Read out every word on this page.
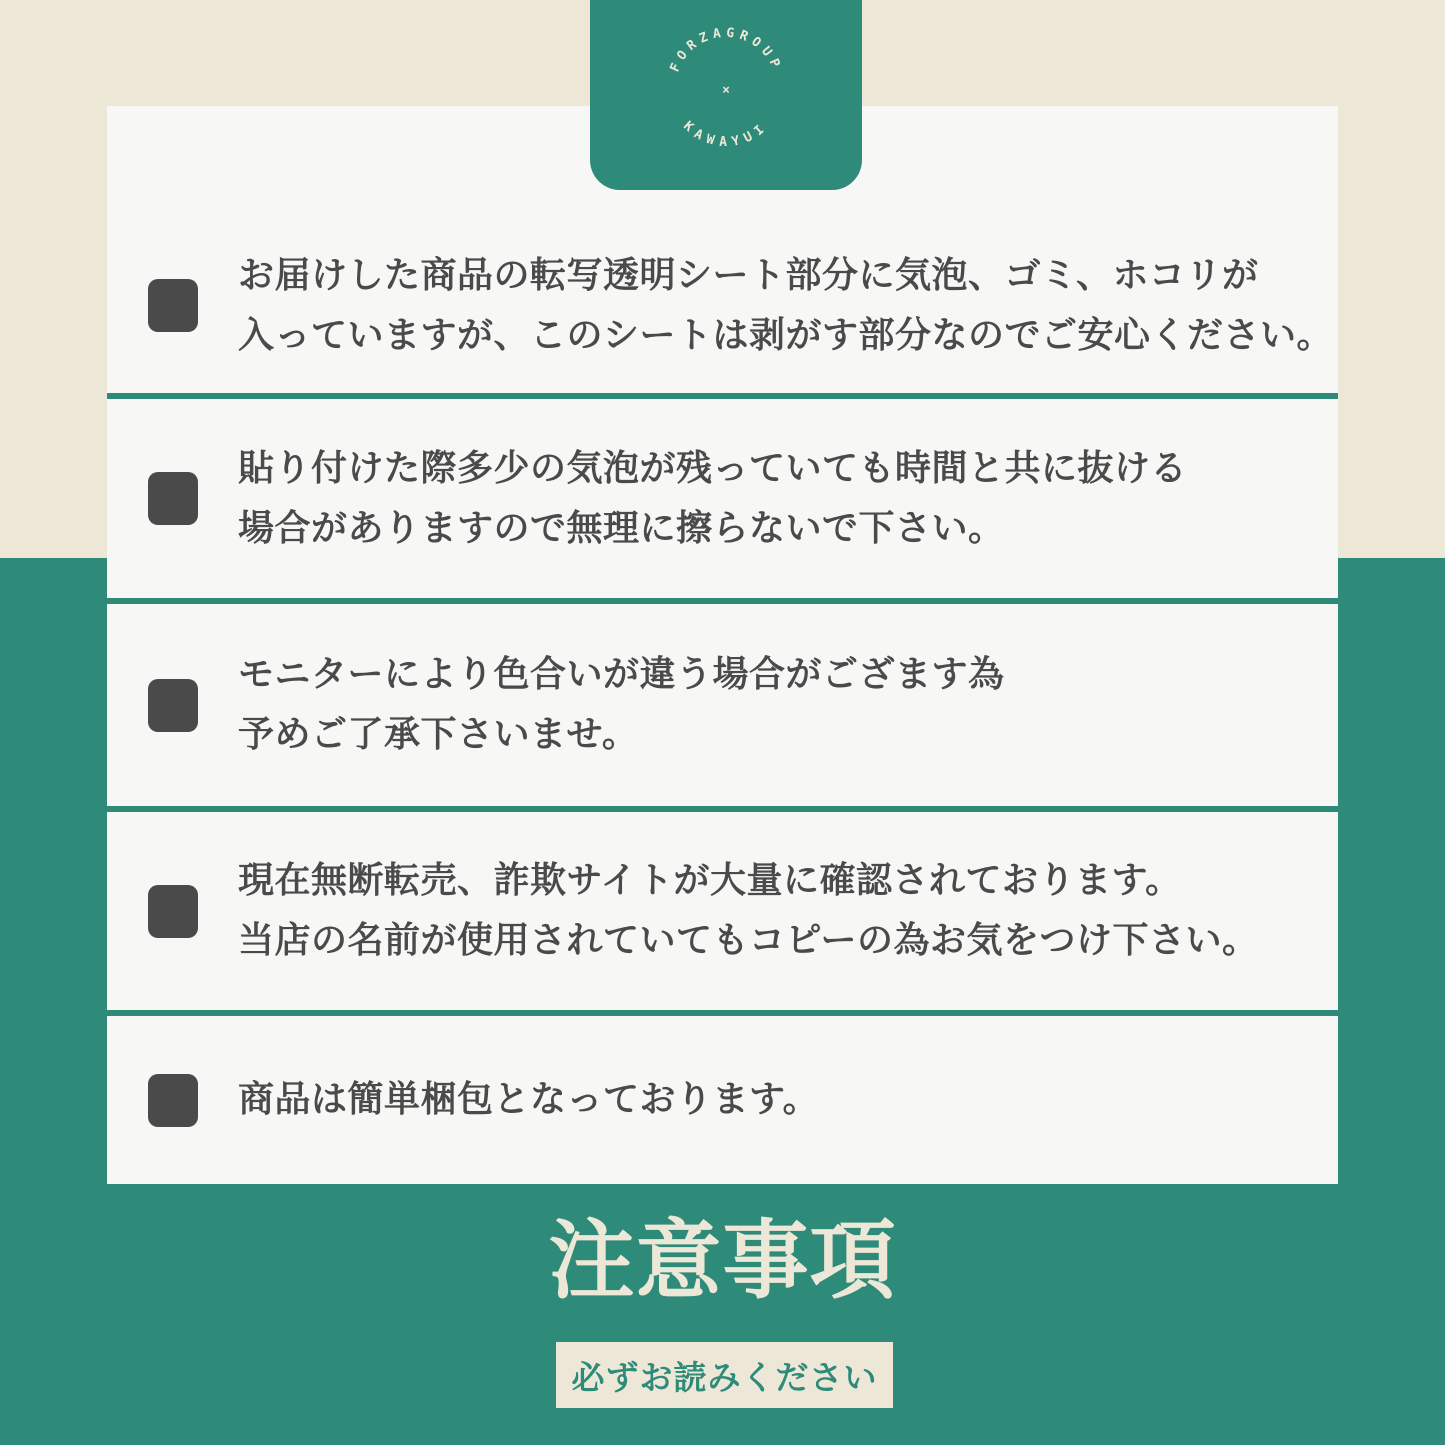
お届けした商品の転写透明シート部分に気泡、ゴミ、ホコリが
入っていますが、このシートは剥がす部分なのでご安心ください。
貼り付けた際多少の気泡が残っていても時間と共に抜ける
場合がありますので無理に擦らないで下さい。
モニターにより色合いが違う場合がござます為
予めご了承下さいませ。
現在無断転売、詐欺サイトが大量に確認されております。
当店の名前が使用されていてもコピーの為お気をつけ下さい。
商品は簡単梱包となっております。
FORZAGROUP
×
KAWAYUI
注意事項
必ずお読みください
